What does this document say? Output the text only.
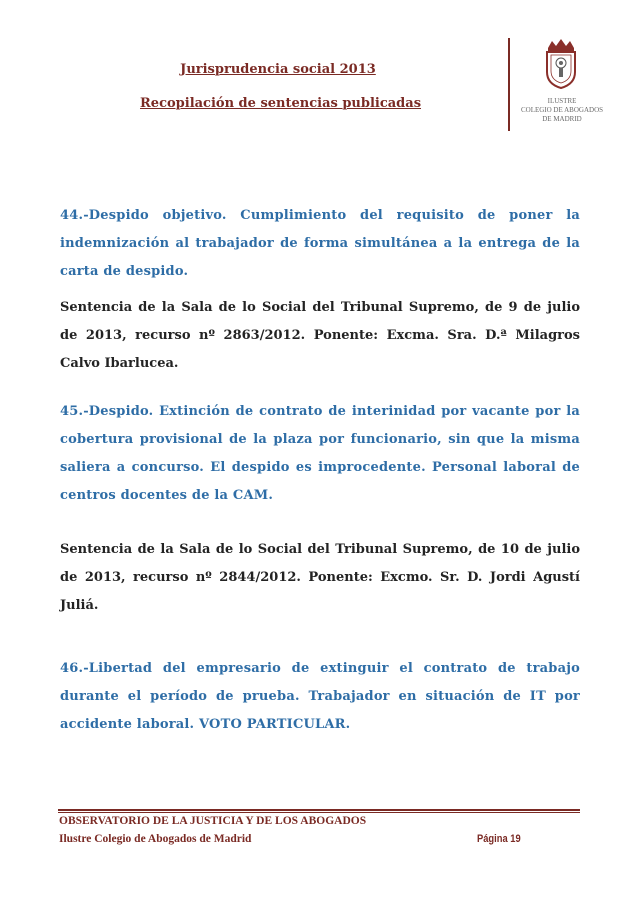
Jurisprudencia social 2013
Recopilación de sentencias publicadas	ILUSTRE
COLEGIO DE ABOGADOS
DE MADRID

44.-Despido objetivo. Cumplimiento del requisito de poner la indemnización al trabajador de forma simultánea a la entrega de la carta de despido.

Sentencia de la Sala de lo Social del Tribunal Supremo, de 9 de julio de 2013, recurso nº 2863/2012. Ponente: Excma. Sra. D.ª Milagros Calvo Ibarlucea.

45.-Despido. Extinción de contrato de interinidad por vacante por la cobertura provisional de la plaza por funcionario, sin que la misma saliera a concurso. El despido es improcedente. Personal laboral de centros docentes de la CAM.

Sentencia de la Sala de lo Social del Tribunal Supremo, de 10 de julio de 2013, recurso nº 2844/2012. Ponente: Excmo. Sr. D. Jordi Agustí Juliá.

46.-Libertad del empresario de extinguir el contrato de trabajo durante el período de prueba. Trabajador en situación de IT por accidente laboral. VOTO PARTICULAR.

OBSERVATORIO DE LA JUSTICIA Y DE LOS ABOGADOS
Ilustre Colegio de Abogados de Madrid	Página 19
